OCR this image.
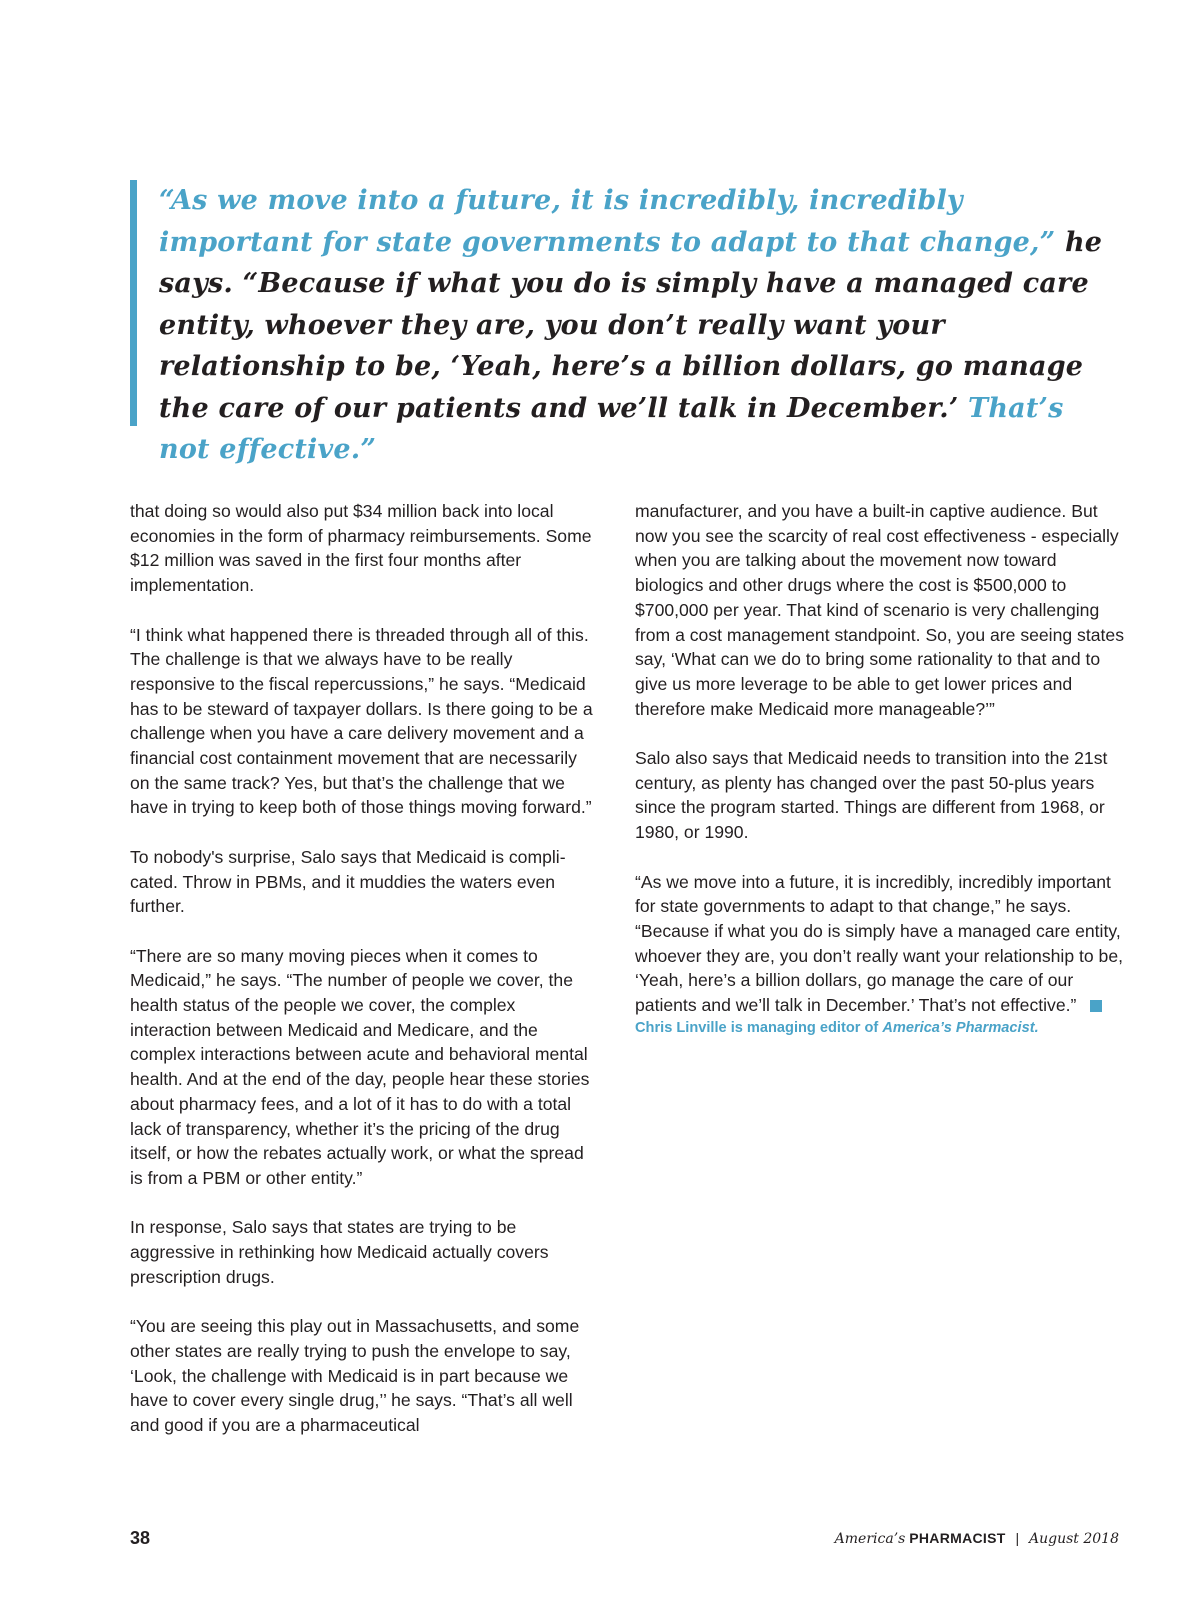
“As we move into a future, it is incredibly, incredibly important for state governments to adapt to that change,” he says. “Because if what you do is simply have a managed care entity, whoever they are, you don’t really want your relationship to be, ‘Yeah, here’s a billion dollars, go manage the care of our patients and we’ll talk in December.’ That’s not effective.”

that doing so would also put $34 million back into local economies in the form of pharmacy reimbursements. Some $12 million was saved in the first four months after implementation.

“I think what happened there is threaded through all of this. The challenge is that we always have to be really responsive to the fiscal repercussions,” he says. “Medicaid has to be steward of taxpayer dollars. Is there going to be a challenge when you have a care delivery movement and a financial cost containment movement that are necessarily on the same track? Yes, but that’s the challenge that we have in trying to keep both of those things moving forward.”

To nobody's surprise, Salo says that Medicaid is complicated. Throw in PBMs, and it muddies the waters even further.

“There are so many moving pieces when it comes to Medicaid,” he says. “The number of people we cover, the health status of the people we cover, the complex interaction between Medicaid and Medicare, and the complex interactions between acute and behavioral mental health. And at the end of the day, people hear these stories about pharmacy fees, and a lot of it has to do with a total lack of transparency, whether it’s the pricing of the drug itself, or how the rebates actually work, or what the spread is from a PBM or other entity.”

In response, Salo says that states are trying to be aggressive in rethinking how Medicaid actually covers prescription drugs.

“You are seeing this play out in Massachusetts, and some other states are really trying to push the envelope to say, ‘Look, the challenge with Medicaid is in part because we have to cover every single drug,’’ he says. “That’s all well and good if you are a pharmaceutical

manufacturer, and you have a built-in captive audience. But now you see the scarcity of real cost effectiveness - especially when you are talking about the movement now toward biologics and other drugs where the cost is $500,000 to $700,000 per year. That kind of scenario is very challenging from a cost management standpoint. So, you are seeing states say, ‘What can we do to bring some rationality to that and to give us more leverage to be able to get lower prices and therefore make Medicaid more manageable?’”

Salo also says that Medicaid needs to transition into the 21st century, as plenty has changed over the past 50-plus years since the program started. Things are different from 1968, or 1980, or 1990.

“As we move into a future, it is incredibly, incredibly important for state governments to adapt to that change,” he says. “Because if what you do is simply have a managed care entity, whoever they are, you don’t really want your relationship to be, ‘Yeah, here’s a billion dollars, go manage the care of our patients and we’ll talk in December.’ That’s not effective.”

Chris Linville is managing editor of America’s Pharmacist.

38	America’s PHARMACIST | August 2018
